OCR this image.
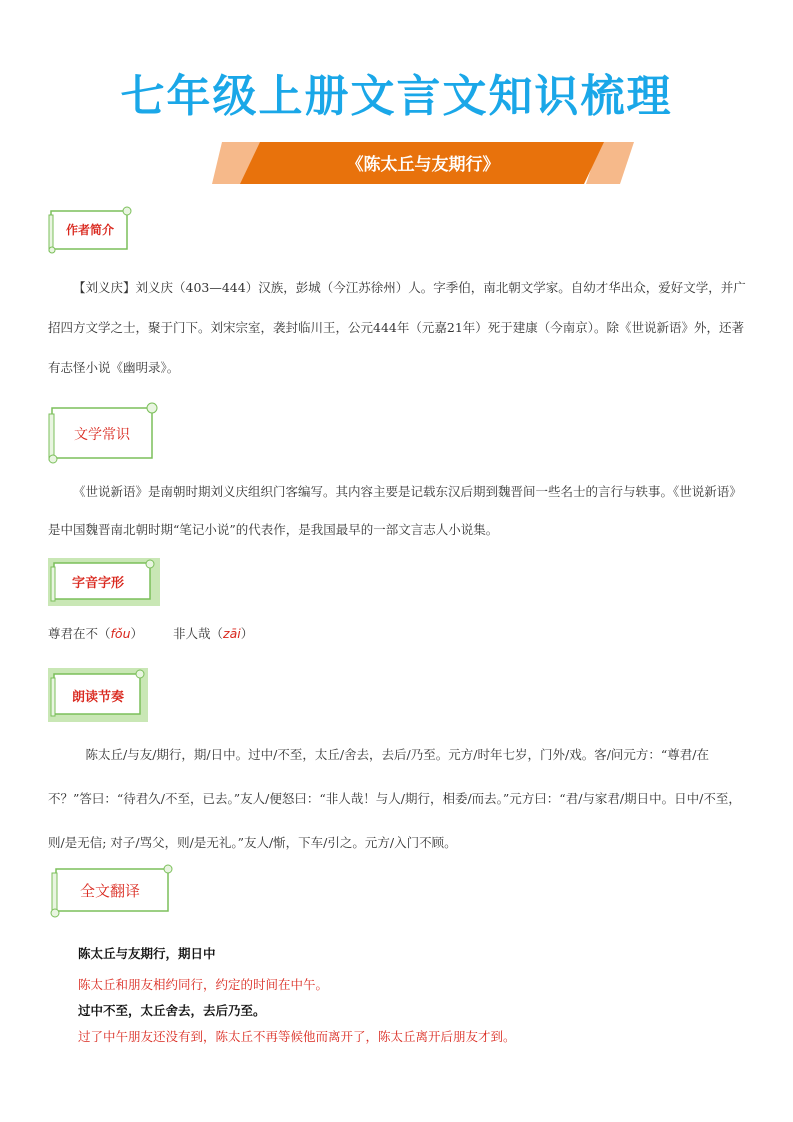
七年级上册文言文知识梳理
《陈太丘与友期行》
作者简介

【刘义庆】刘义庆（403—444）汉族，彭城（今江苏徐州）人。字季伯，南北朝文学家。自幼才华出众，爱好文学，并广招四方文学之士，聚于门下。刘宋宗室，袭封临川王，公元444年（元嘉21年）死于建康（今南京）。除《世说新语》外，还著有志怪小说《幽明录》。

文学常识

《世说新语》是南朝时期刘义庆组织门客编写。其内容主要是记载东汉后期到魏晋间一些名士的言行与轶事。《世说新语》是中国魏晋南北朝时期“笔记小说”的代表作，是我国最早的一部文言志人小说集。

字音字形
尊君在不（fǒu）  非人哉（zāi）
朗读节奏

陈太丘/与友/期行，期/日中。过中/不至，太丘/舍去，去后/乃至。元方/时年七岁，门外/戏。客/问元方：“尊君/在不？”答曰：“待君久/不至，已去。”友人/便怒曰：“非人哉！与人/期行，相委/而去。”元方曰：“君/与家君/期日中。日中/不至，则/是无信; 对子/骂父，则/是无礼。”友人/惭，下车/引之。元方/入门不顾。

全文翻译
陈太丘与友期行，期日中
陈太丘和朋友相约同行，约定的时间在中午。
过中不至，太丘舍去，去后乃至。
过了中午朋友还没有到，陈太丘不再等候他而离开了，陈太丘离开后朋友才到。
